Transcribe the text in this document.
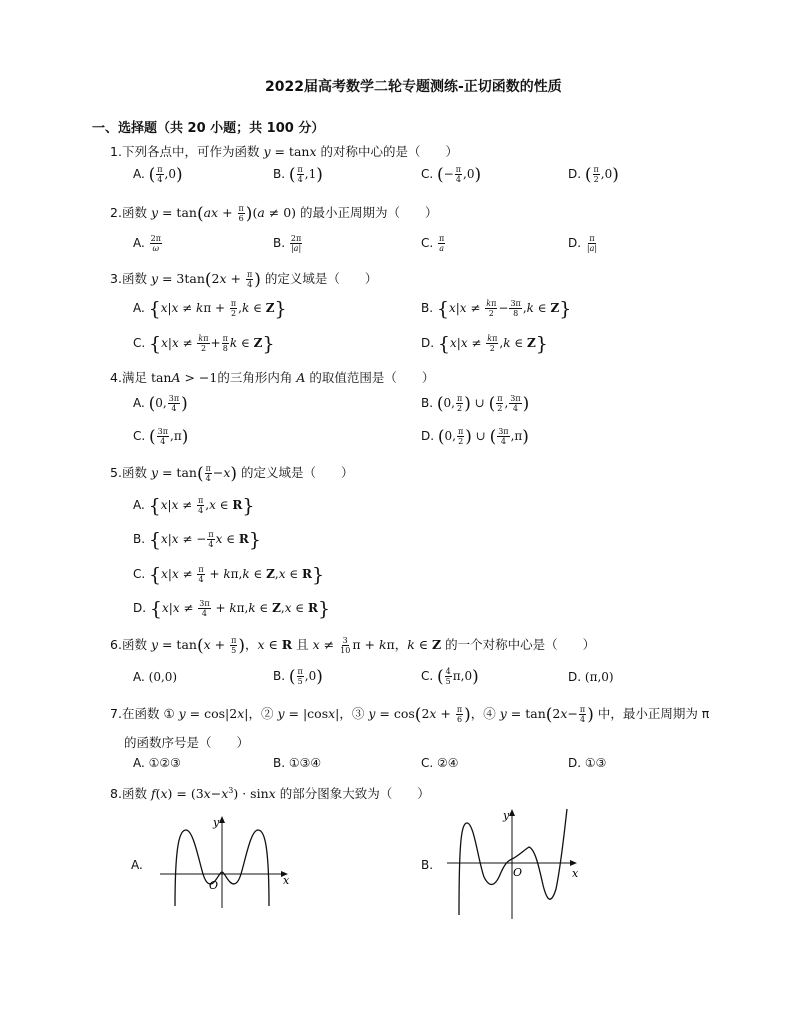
2022届高考数学二轮专题测练-正切函数的性质
一、选择题（共 20 小题；共 100 分）
1.下列各点中，可作为函数 y = tanx 的对称中心的是（　　）
A. ( $\frac{\pi}{4} ,0$)	B. ( $\frac{\pi}{4} ,1$)	C. (− $\frac{\pi}{4} ,0$)	D. ( $\frac{\pi}{2} ,0$)
2.函数 $y = \tan(ax + \frac{\pi}{6} )(a \ne 0)$ 的最小正周期为（　　）
A. $\frac{2\pi}{\omega}$	B. $\frac{2\pi}{|a|}$	C. $\frac{\pi}{a}$	D. $\frac{\pi}{|a|}$
3.函数 $y = 3\tan(2x + \frac{\pi}{4}$ ) 的定义域是（　　）
A. {$x|x \ne k\pi + \frac{\pi}{2} ,k$ ∈ Z}	B. {$x|x \ne \frac{k\pi}{2} - \frac{3\pi}{8} ,k$ ∈ Z}
C. {$x|x \ne \frac{k\pi}{2} + \frac{\pi}{8}$ k ∈ Z}	D. {$x|x \ne \frac{k\pi}{2} ,k$ ∈ Z}
4.满足 tanA > −1的三角形内角 A 的取值范围是（　　）
A. (0, $\frac{3\pi}{4}$ )	B. (0, $\frac{\pi}{2}$ ) ∪ ( $\frac{\pi}{2}$ , $\frac{3\pi}{4}$ )
C. ( $\frac{3\pi}{4} ,\pi$)	D. (0, $\frac{\pi}{2}$ ) ∪ ( $\frac{3\pi}{4} ,\pi$)
5.函数 $y = \tan( \frac{\pi}{4} -x)$ 的定义域是（　　）
A. {$x|x \ne \frac{\pi}{4} ,x$ ∈ R}
B. {x|x ≠ − $\frac{\pi}{4}$ x ∈ R}
C. {$x|x \ne \frac{\pi}{4} + k\pi,k$ ∈ Z,x ∈ R}
D. {$x|x \ne \frac{3\pi}{4} + k\pi,k$ ∈ Z,x ∈ R}
6.函数 $y = \tan(x + \frac{\pi}{5}$ )，x ∈ R 且 $x \ne \frac{3}{10}$ π + kπ，k ∈ Z 的一个对称中心是（　　）
A. (0,0)	B. ( $\frac{\pi}{5} ,0$)	C. ( $\frac{4}{5} \pi,0$)	D. (π,0)
7.在函数 ① y = cos|2x|，② y = |cosx|，③ $y = \cos(2x + \frac{\pi}{6}$ )，④ $y = \tan(2x- \frac{\pi}{4}$ ) 中，最小正周期为 π
的函数序号是（　　）
A. ①②③	B. ①③④	C. ②④	D. ①③
8.函数 $f(x) = (3x-x^3) \cdot \sin x$ 的部分图象大致为（　　）
A.
y
O	x
B.
y
O	x
